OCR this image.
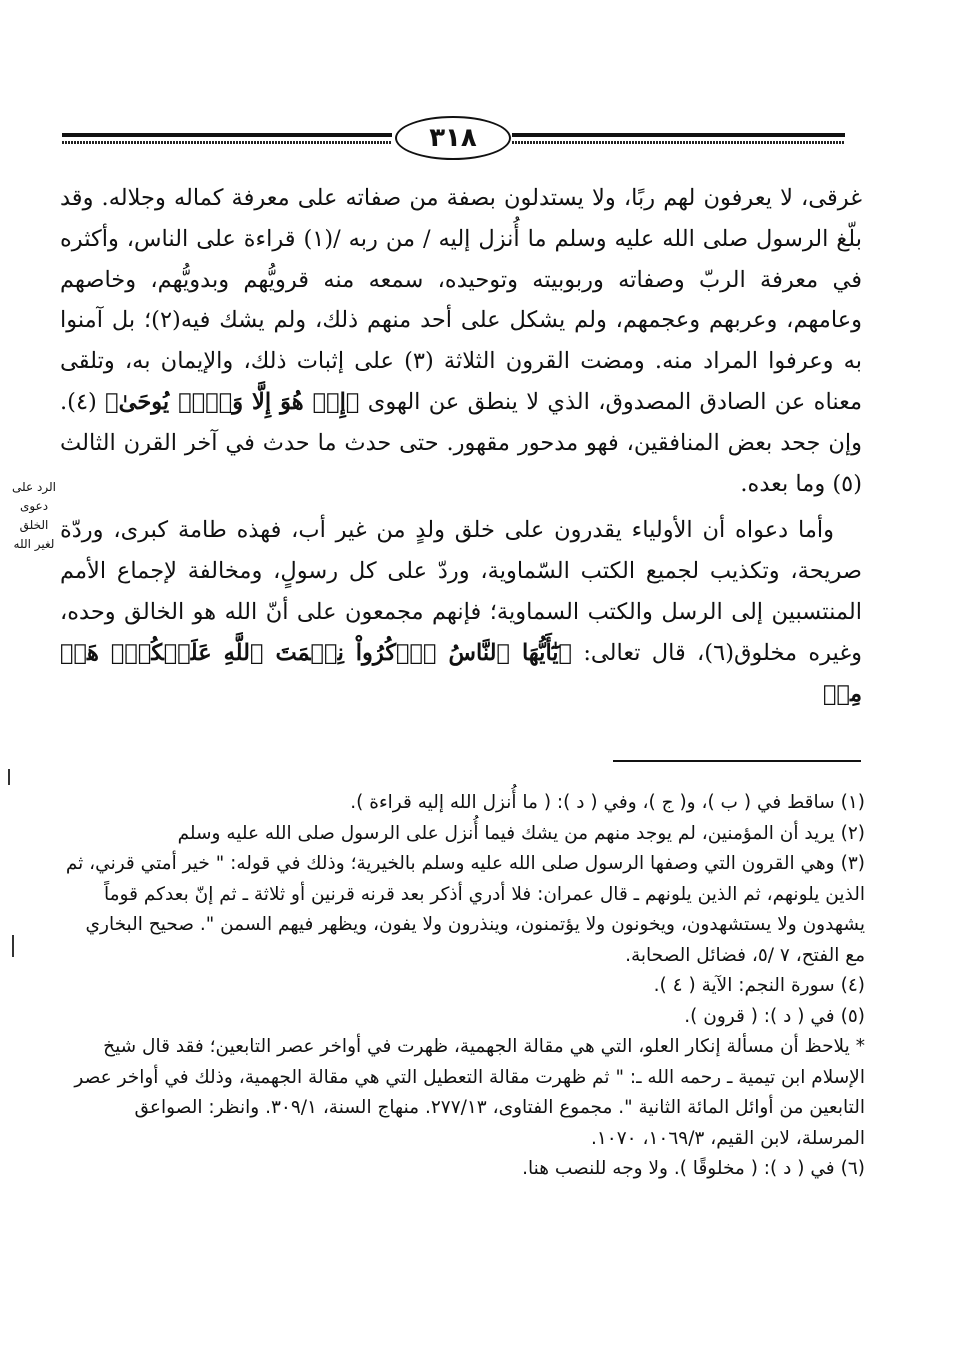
٣١٨
الرد على
دعوى الخلق
لغير الله

غرقى، لا يعرفون لهم ربًا، ولا يستدلون بصفة من صفاته على معرفة كماله وجلاله. وقد بلّغ الرسول صلى الله عليه وسلم ما أُنزل إليه / من ربه /(١) قراءة على الناس، وأكثره في معرفة الربّ وصفاته وربوبيته وتوحيده، سمعه منه قرويُّهم وبدويُّهم، وخاصهم وعامهم، وعربهم وعجمهم، ولم يشكل على أحد منهم ذلك، ولم يشك فيه(٢)؛ بل آمنوا به وعرفوا المراد منه. ومضت القرون الثلاثة (٣) على إثبات ذلك، والإيمان به، وتلقى معناه عن الصادق المصدوق، الذي لا ينطق عن الهوى ﴿إِنۡ هُوَ إِلَّا وَحۡيٞ يُوحَىٰ﴾ (٤). وإن جحد بعض المنافقين، فهو مدحور مقهور. حتى حدث ما حدث في آخر القرن الثالث (٥) وما بعده.

وأما دعواه أن الأولياء يقدرون على خلق ولدٍ من غير أب، فهذه طامة كبرى، وردّة صريحة، وتكذيب لجميع الكتب السّماوية، وردّ على كل رسولٍ، ومخالفة لإجماع الأمم المنتسبين إلى الرسل والكتب السماوية؛ فإنهم مجمعون على أنّ الله هو الخالق وحده، وغيره مخلوق(٦)، قال تعالى: ﴿يَٰٓأَيُّهَا ٱلنَّاسُ ٱذۡكُرُواْ نِعۡمَتَ ٱللَّهِ عَلَيۡكُمۡۚ هَلۡ مِنۡ

(١)ساقط في ( ب )، و( ج )، وفي ( د ): ( ما أُنزل الله إليه قراءة ).

(٢)يريد أن المؤمنين، لم يوجد منهم من يشك فيما أُنزل على الرسول صلى الله عليه وسلم

(٣)وهي القرون التي وصفها الرسول صلى الله عليه وسلم بالخيرية؛ وذلك في قوله: " خير أمتي قرني، ثم الذين يلونهم، ثم الذين يلونهم ـ قال عمران: فلا أدري أذكر بعد قرنه قرنين أو ثلاثة ـ ثم إنّ بعدكم قوماً يشهدون ولا يستشهدون، ويخونون ولا يؤتمنون، وينذرون ولا يفون، ويظهر فيهم السمن ". صحيح البخاري مع الفتح، ٧ /٥، فضائل الصحابة.

(٤)سورة النجم: الآية ( ٤ ).

(٥)في ( د ): ( قرون ).

*يلاحظ أن مسألة إنكار العلو، التي هي مقالة الجهمية، ظهرت في أواخر عصر التابعين؛ فقد قال شيخ الإسلام ابن تيمية ـ رحمه الله ـ: " ثم ظهرت مقالة التعطيل التي هي مقالة الجهمية، وذلك في أواخر عصر التابعين من أوائل المائة الثانية ". مجموع الفتاوى، ٢٧٧/١٣. منهاج السنة، ٣٠٩/١. وانظر: الصواعق المرسلة، لابن القيم، ١٠٦٩/٣، ١٠٧٠.

(٦)في ( د ): ( مخلوقًا ). ولا وجه للنصب هنا.
